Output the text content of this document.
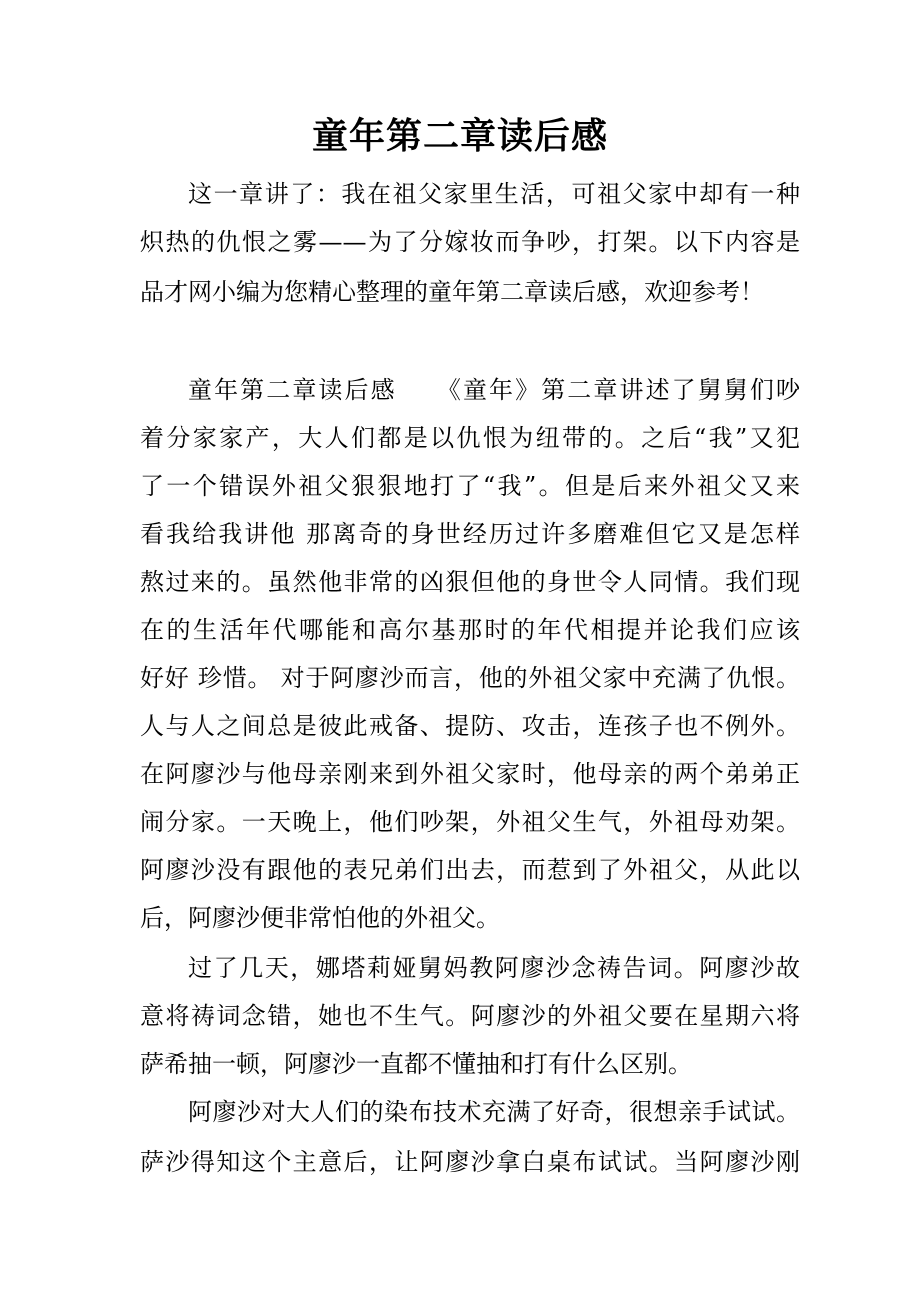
童年第二章读后感
这一章讲了：我在祖父家里生活，可祖父家中却有一种
炽热的仇恨之雾——为了分嫁妆而争吵，打架。以下内容是
品才网小编为您精心整理的童年第二章读后感，欢迎参考！
童年第二章读后感　　《童年》第二章讲述了舅舅们吵
着分家家产，大人们都是以仇恨为纽带的。之后“我”又犯
了一个错误外祖父狠狠地打了“我”。但是后来外祖父又来
看我给我讲他 那离奇的身世经历过许多磨难但它又是怎样
熬过来的。虽然他非常的凶狠但他的身世令人同情。我们现
在的生活年代哪能和高尔基那时的年代相提并论我们应该
好好 珍惜。 对于阿廖沙而言，他的外祖父家中充满了仇恨。
人与人之间总是彼此戒备、提防、攻击，连孩子也不例外。
在阿廖沙与他母亲刚来到外祖父家时，他母亲的两个弟弟正
闹分家。一天晚上，他们吵架，外祖父生气，外祖母劝架。
阿廖沙没有跟他的表兄弟们出去，而惹到了外祖父，从此以
后，阿廖沙便非常怕他的外祖父。
过了几天，娜塔莉娅舅妈教阿廖沙念祷告词。阿廖沙故
意将祷词念错，她也不生气。阿廖沙的外祖父要在星期六将
萨希抽一顿，阿廖沙一直都不懂抽和打有什么区别。
阿廖沙对大人们的染布技术充满了好奇，很想亲手试试。
萨沙得知这个主意后，让阿廖沙拿白桌布试试。当阿廖沙刚
